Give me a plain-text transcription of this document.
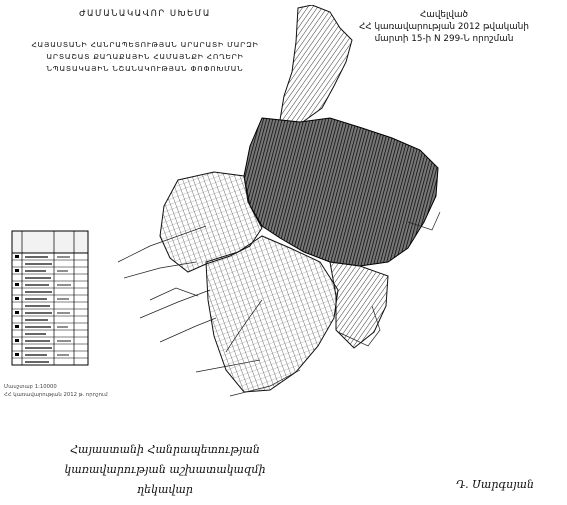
ԺԱՄԱՆԱԿԱՎՈՐ ՍԽԵՄԱ
ՀԱՅԱՍՏԱՆԻ ՀԱՆՐԱՊԵՏՈՒԹՅԱՆ ԱՐԱՐԱՏԻ ՄԱՐԶԻ
ԱՐՏԱՇԱՏ ՔԱՂԱՔԱՅԻՆ ՀԱՄԱՅՆՔԻ ՀՈՂԵՐԻ
ՆՊԱՏԱԿԱՅԻՆ ՆՇԱՆԱԿՈՒԹՅԱՆ ՓՈՓՈԽՄԱՆ
Հավելված
ՀՀ կառավարության 2012 թվականի
մարտի 15-ի N 299-Ն որոշման
Մասշտաբ 1:10000
ՀՀ կառավարության 2012 թ. որոշում
Հայաստանի Հանրապետության
կառավարության աշխատակազմի
ղեկավար	Դ. Սարգսյան
